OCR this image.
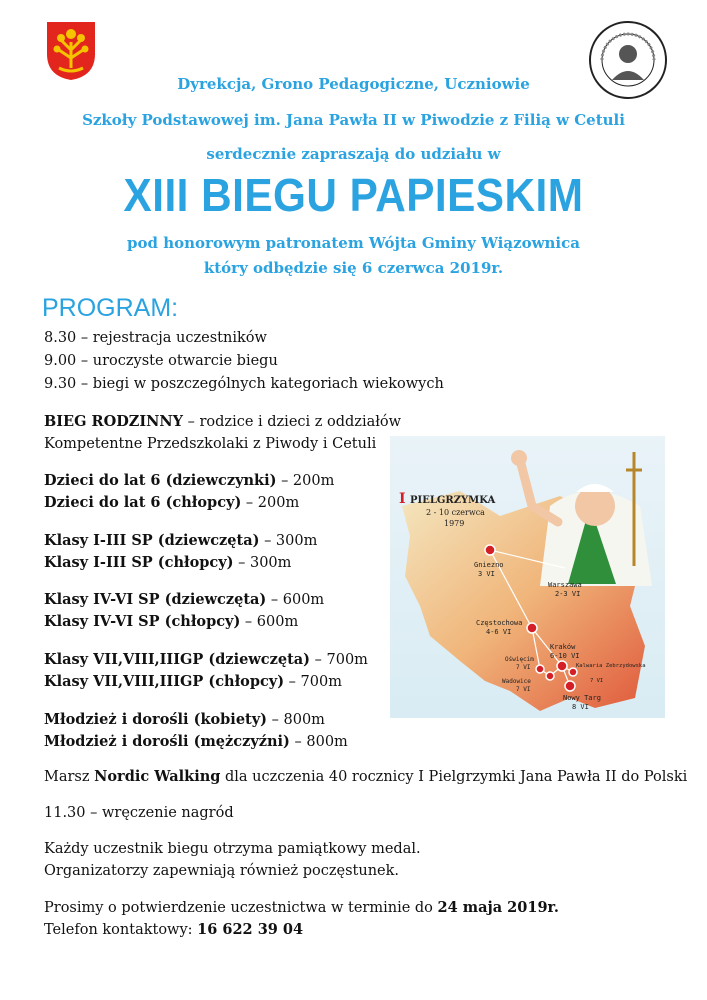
Dyrekcja, Grono Pedagogiczne, Uczniowie
Szkoły Podstawowej im. Jana Pawła II w Piwodzie z Filią w Cetuli
serdecznie zapraszają do udziału w
XIII BIEGU PAPIESKIM
pod honorowym patronatem Wójta Gminy Wiązownica
który odbędzie się 6 czerwca 2019r.
PROGRAM:
8.30 – rejestracja uczestników
9.00 – uroczyste otwarcie biegu
9.30 – biegi w poszczególnych kategoriach wiekowych
BIEG RODZINNY – rodzice i dzieci z oddziałów
Kompetentne Przedszkolaki z Piwody i Cetuli
Dzieci do lat 6 (dziewczynki) – 200m
Dzieci do lat 6 (chłopcy) – 200m
Klasy I-III SP (dziewczęta) – 300m
Klasy I-III SP (chłopcy) – 300m
Klasy IV-VI SP (dziewczęta) – 600m
Klasy IV-VI SP (chłopcy) – 600m
Klasy VII,VIII,IIIGP (dziewczęta) – 700m
Klasy VII,VIII,IIIGP (chłopcy) – 700m
Młodzież i dorośli (kobiety) – 800m
Młodzież i dorośli (mężczyźni) – 800m
Marsz Nordic Walking dla uczczenia 40 rocznicy I Pielgrzymki Jana Pawła II do Polski
11.30 – wręczenie nagród
Każdy uczestnik biegu otrzyma pamiątkowy medal.
Organizatorzy zapewniają również poczęstunek.
Prosimy o potwierdzenie uczestnictwa w terminie do 24 maja 2019r.
Telefon kontaktowy: 16 622 39 04
I PIELGRZYMKA
2 - 10 czerwca
1979
Gniezno
3 VI
Warszawa
2-3 VI
Częstochowa
4-6 VI
Kraków
6-10 VI
Oświęcim
7 VI
Wadowice
7 VI
Kalwaria Zebrzydowska
7 VI
Nowy Targ
8 VI
